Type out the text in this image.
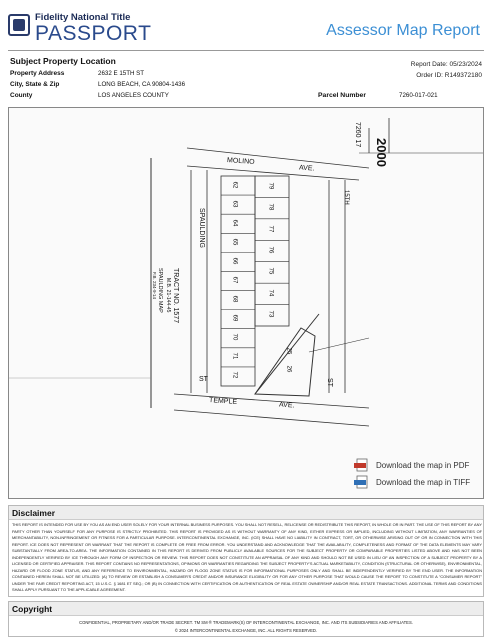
Fidelity National Title
PASSPORT	Assessor Map Report
Subject Property Location	Report Date: 05/23/2024
Order ID: R149372180
Property Address	2632 E 15TH ST
City, State & Zip	LONG BEACH, CA 90804-1436
County	LOS ANGELES COUNTY	Parcel Number	7260-017-021
7260 17
2000
MOLINO
AVE.
15TH
SPAULDING
TRACT NO. 1577
M.B. 21-144-45
SPAULDING MAP
F.B. 234-9-14
ST	ST
TEMPLE	AVE.
62
63
64
65
66
67
68
69
70
71
72
79
78
77
76
75
74
73
25
26
Download the map in PDF
Download the map in TIFF
Disclaimer
THIS REPORT IS INTENDED FOR USE BY YOU AS AN END USER SOLELY FOR YOUR INTERNAL BUSINESS PURPOSES. YOU SHALL NOT RESELL, RELICENSE OR REDISTRIBUTE THIS REPORT, IN WHOLE OR IN PART. THE USE OF THIS REPORT BY ANY PARTY OTHER THAN YOURSELF FOR ANY PURPOSE IS STRICTLY PROHIBITED. THIS REPORT IS PROVIDED AS IS WITHOUT WARRANTY OF ANY KIND, EITHER EXPRESS OR IMPLIED, INCLUDING WITHOUT LIMITATION, ANY WARRANTIES OF MERCHANTABILITY, NON-INFRINGEMENT OR FITNESS FOR A PARTICULAR PURPOSE. INTERCONTINENTAL EXCHANGE, INC. (ICE) SHALL HAVE NO LIABILITY IN CONTRACT, TORT, OR OTHERWISE ARISING OUT OF OR IN CONNECTION WITH THIS REPORT. ICE DOES NOT REPRESENT OR WARRANT THAT THE REPORT IS COMPLETE OR FREE FROM ERROR. YOU UNDERSTAND AND ACKNOWLEDGE THAT THE AVAILABILITY, COMPLETENESS AND FORMAT OF THE DATA ELEMENTS MAY VARY SUBSTANTIALLY FROM AREA-TO-AREA. THE INFORMATION CONTAINED IN THIS REPORT IS DERIVED FROM PUBLICLY AVAILABLE SOURCES FOR THE SUBJECT PROPERTY OR COMPARABLE PROPERTIES LISTED ABOVE AND HAS NOT BEEN INDEPENDENTLY VERIFIED BY ICE THROUGH ANY FORM OF INSPECTION OR REVIEW. THIS REPORT DOES NOT CONSTITUTE AN APPRAISAL OF ANY KIND AND SHOULD NOT BE USED IN LIEU OF AN INSPECTION OF A SUBJECT PROPERTY BY A LICENSED OR CERTIFIED APPRAISER. THIS REPORT CONTAINS NO REPRESENTATIONS, OPINIONS OR WARRANTIES REGARDING THE SUBJECT PROPERTY'S ACTUAL MARKETABILITY, CONDITION (STRUCTURAL OR OTHERWISE), ENVIRONMENTAL, HAZARD OR FLOOD ZONE STATUS, AND ANY REFERENCE TO ENVIRONMENTAL, HAZARD OR FLOOD ZONE STATUS IS FOR INFORMATIONAL PURPOSES ONLY AND SHALL BE INDEPENDENTLY VERIFIED BY THE END USER. THE INFORMATION CONTAINED HEREIN SHALL NOT BE UTILIZED: (A) TO REVIEW OR ESTABLISH A CONSUMER'S CREDIT AND/OR INSURANCE ELIGIBILITY OR FOR ANY OTHER PURPOSE THAT WOULD CAUSE THE REPORT TO CONSTITUTE A "CONSUMER REPORT" UNDER THE FAIR CREDIT REPORTING ACT, 15 U.S.C. § 1681 ET SEQ.; OR (B) IN CONNECTION WITH CERTIFICATION OR AUTHENTICATION OF REAL ESTATE OWNERSHIP AND/OR REAL ESTATE TRANSACTIONS. ADDITIONAL TERMS AND CONDITIONS SHALL APPLY PURSUANT TO THE APPLICABLE AGREEMENT.
Copyright
CONFIDENTIAL, PROPRIETARY AND/OR TRADE SECRET. TM SM ® TRADEMARK(S) OF INTERCONTINENTAL EXCHANGE, INC. AND ITS SUBSIDIARIES AND AFFILIATES.
© 2024 INTERCONTINENTAL EXCHANGE, INC. ALL RIGHTS RESERVED.
